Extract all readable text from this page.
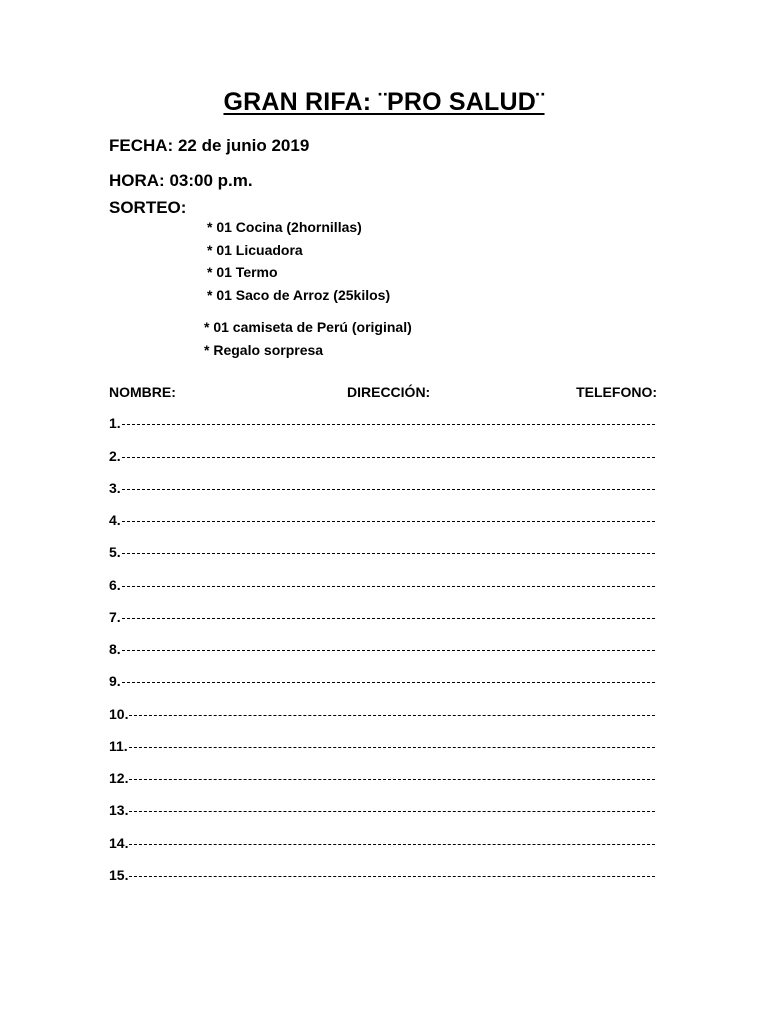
GRAN RIFA: ¨PRO SALUD¨
FECHA: 22 de junio 2019
HORA: 03:00 p.m.
SORTEO:
* 01 Cocina (2hornillas)
* 01 Licuadora
* 01 Termo
* 01 Saco de Arroz (25kilos)
* 01 camiseta de Perú (original)
* Regalo sorpresa
NOMBRE:	DIRECCIÓN:	TELEFONO:
1.
2.
3.
4.
5.
6.
7.
8.
9.
10.
11.
12.
13.
14.
15.
